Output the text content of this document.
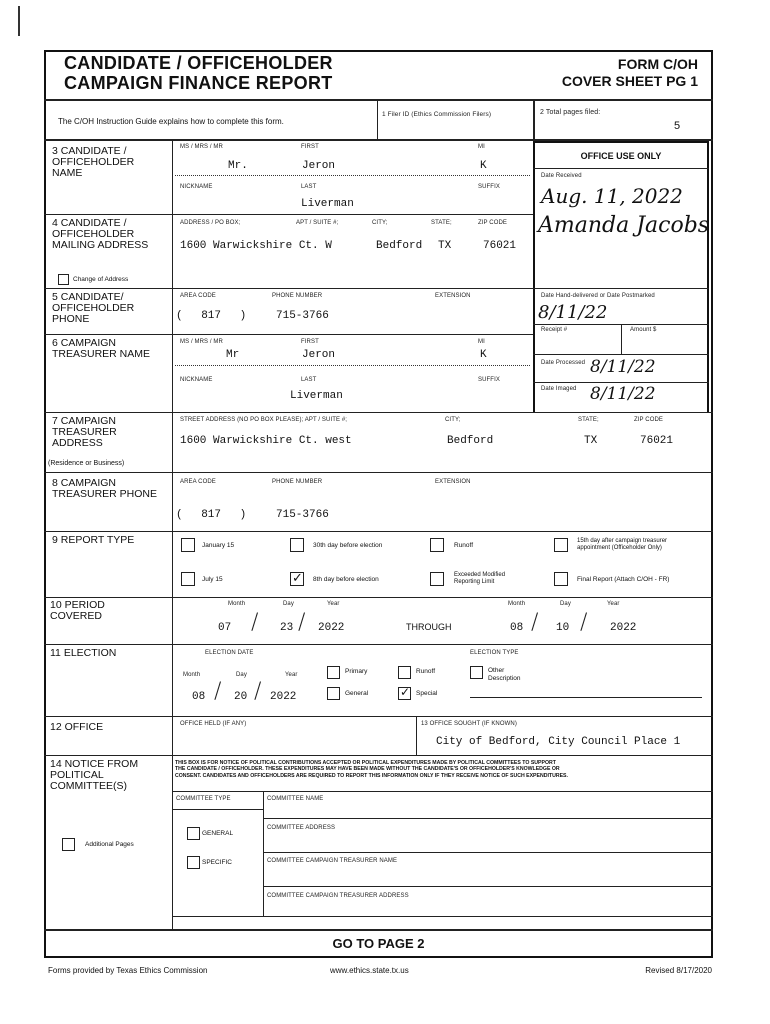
CANDIDATE / OFFICEHOLDER
CAMPAIGN FINANCE REPORT
FORM C/OH
COVER SHEET PG 1
The C/OH Instruction Guide explains how to complete this form.
1 Filer ID (Ethics Commission Filers)	2 Total pages filed:
5
OFFICE USE ONLY
Date Received
Aug. 11, 2022
Amanda Jacobs
Date Hand-delivered or Date Postmarked
8/11/22
Receipt #	Amount $
Date Processed 8/11/22
Date Imaged 8/11/22
3 CANDIDATE / OFFICEHOLDER NAME
MS / MRS / MR	FIRST	MI
Mr.	Jeron	K
NICKNAME	LAST	SUFFIX
Liverman
4 CANDIDATE / OFFICEHOLDER MAILING ADDRESS
Change of Address
ADDRESS / PO BOX;	APT / SUITE #;	CITY;	STATE;	ZIP CODE
1600 Warwickshire Ct. W	Bedford TX	76021
5 CANDIDATE/ OFFICEHOLDER PHONE
AREA CODE	PHONE NUMBER	EXTENSION
( 817 )	715-3766
6 CAMPAIGN TREASURER NAME
MS / MRS / MR	FIRST	MI
Mr	Jeron	K
NICKNAME	LAST	SUFFIX
Liverman
7 CAMPAIGN TREASURER ADDRESS
(Residence or Business)
STREET ADDRESS (NO PO BOX PLEASE); APT / SUITE #;	CITY;	STATE;	ZIP CODE
1600 Warwickshire Ct. west	Bedford	TX	76021
8 CAMPAIGN TREASURER PHONE
AREA CODE	PHONE NUMBER	EXTENSION
( 817 )	715-3766
9 REPORT TYPE	January 15	30th day before election	Runoff
15th day after campaign treasurer appointment (Officeholder Only)
July 15	✓ 8th day before election
Exceeded Modified Reporting Limit	Final Report (Attach C/OH - FR)
10 PERIOD COVERED
Month	Day	Year
07 / 23 / 2022	THROUGH
Month	Day	Year
08 / 10 / 2022
11 ELECTION	ELECTION DATE
Month	Day	Year
08 / 20 / 2022
ELECTION TYPE
Primary	Runoff	Other
Description
General	✓ Special
12 OFFICE	OFFICE HELD (IF ANY)	13 OFFICE SOUGHT (IF KNOWN)
City of Bedford, City Council Place 1
14 NOTICE FROM POLITICAL COMMITTEE(S)
Additional Pages
THIS BOX IS FOR NOTICE OF POLITICAL CONTRIBUTIONS ACCEPTED OR POLITICAL EXPENDITURES MADE BY POLITICAL COMMITTEES TO SUPPORT
THE CANDIDATE / OFFICEHOLDER. THESE EXPENDITURES MAY HAVE BEEN MADE WITHOUT THE CANDIDATE'S OR OFFICEHOLDER'S KNOWLEDGE OR
CONSENT. CANDIDATES AND OFFICEHOLDERS ARE REQUIRED TO REPORT THIS INFORMATION ONLY IF THEY RECEIVE NOTICE OF SUCH EXPENDITURES.
COMMITTEE TYPE	COMMITTEE NAME
GENERAL
COMMITTEE ADDRESS
SPECIFIC	COMMITTEE CAMPAIGN TREASURER NAME
COMMITTEE CAMPAIGN TREASURER ADDRESS
GO TO PAGE 2
Forms provided by Texas Ethics Commission	www.ethics.state.tx.us	Revised 8/17/2020
